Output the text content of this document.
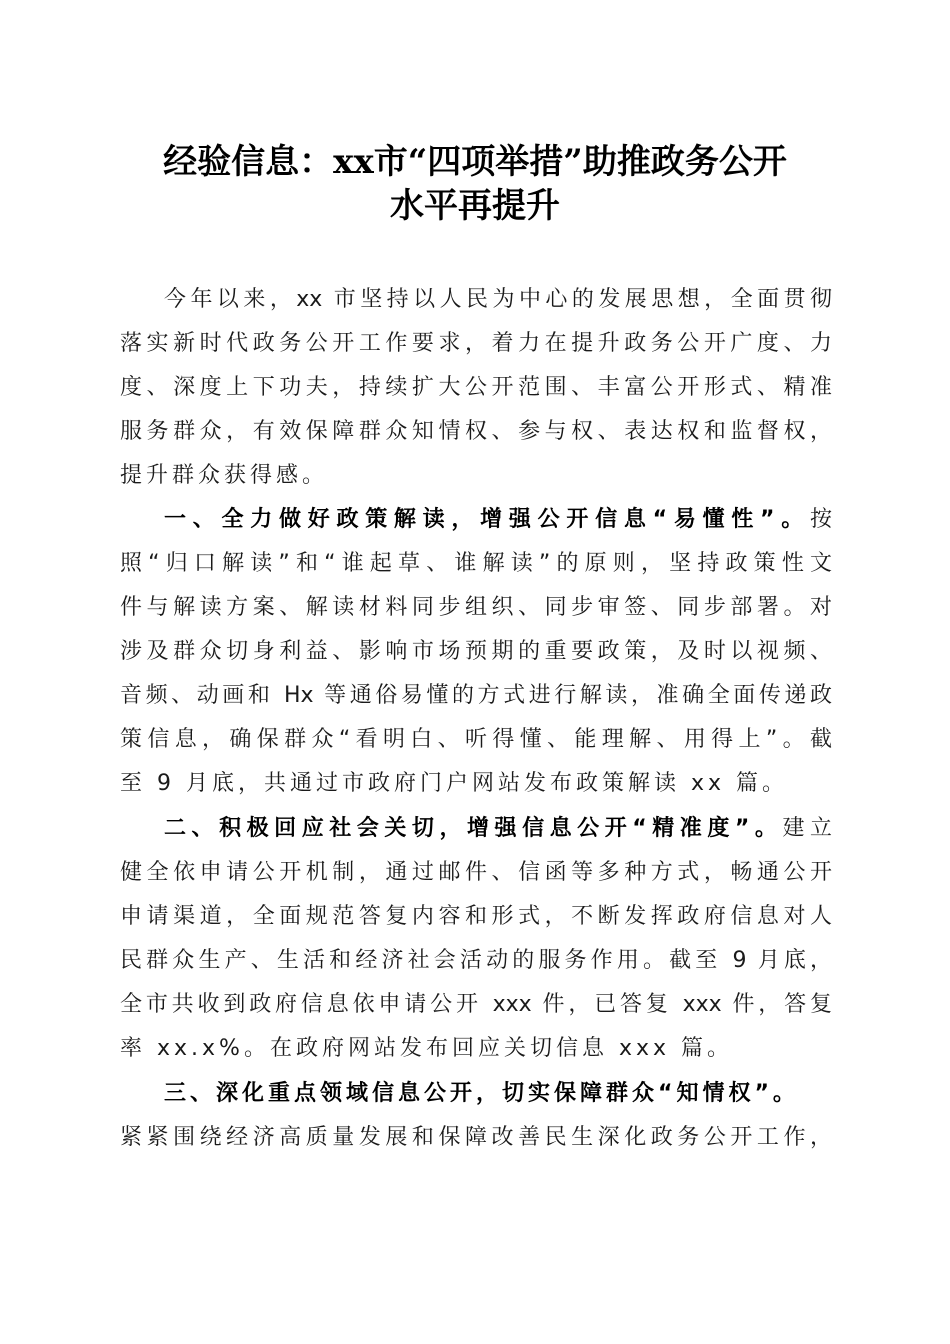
经验信息：xx市“四项举措”助推政务公开
水平再提升
今年以来，xx 市坚持以人民为中心的发展思想，全面贯彻
落实新时代政务公开工作要求，着力在提升政务公开广度、力
度、深度上下功夫，持续扩大公开范围、丰富公开形式、精准
服务群众，有效保障群众知情权、参与权、表达权和监督权，
提升群众获得感。
一、全力做好政策解读，增强公开信息“易懂性”。按
照“归口解读”和“谁起草、谁解读”的原则，坚持政策性文
件与解读方案、解读材料同步组织、同步审签、同步部署。对
涉及群众切身利益、影响市场预期的重要政策，及时以视频、
音频、动画和 Hx 等通俗易懂的方式进行解读，准确全面传递政
策信息，确保群众“看明白、听得懂、能理解、用得上”。截
至 9 月底，共通过市政府门户网站发布政策解读 xx 篇。
二、积极回应社会关切，增强信息公开“精准度”。建立
健全依申请公开机制，通过邮件、信函等多种方式，畅通公开
申请渠道，全面规范答复内容和形式，不断发挥政府信息对人
民群众生产、生活和经济社会活动的服务作用。截至 9 月底，
全市共收到政府信息依申请公开 xxx 件，已答复 xxx 件，答复
率 xx.x%。在政府网站发布回应关切信息 xxx 篇。
三、深化重点领域信息公开，切实保障群众“知情权”。
紧紧围绕经济高质量发展和保障改善民生深化政务公开工作，
